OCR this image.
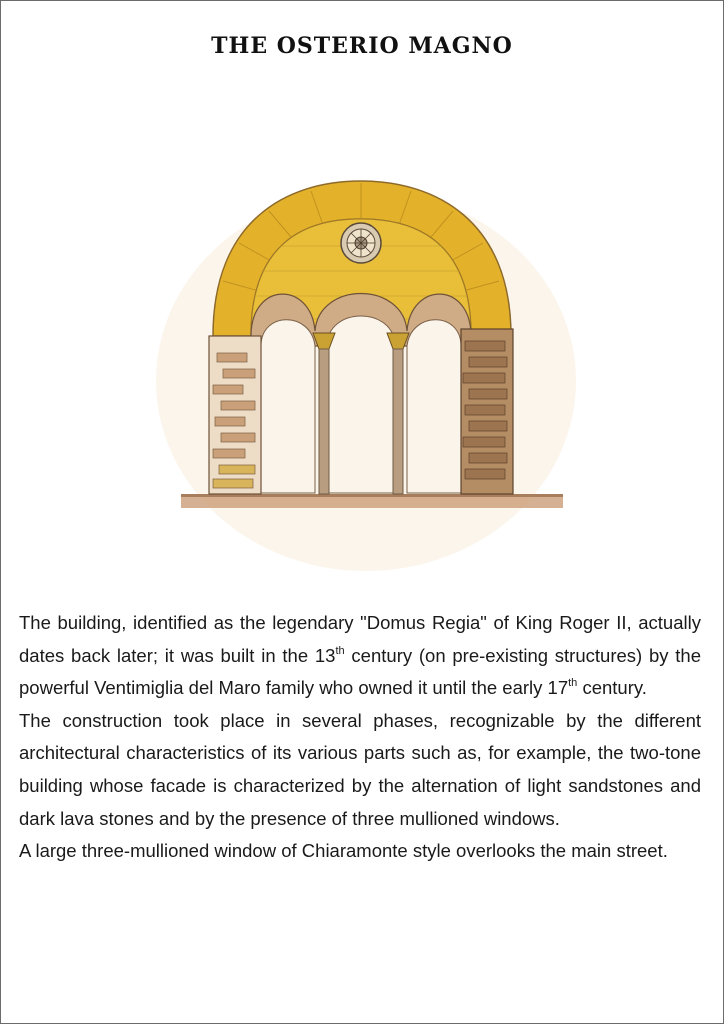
THE OSTERIO MAGNO

The building, identified as the legendary "Domus Regia" of King Roger II, actually dates back later; it was built in the 13th century (on pre-existing structures) by the powerful Ventimiglia del Maro family who owned it until the early 17th century.

The construction took place in several phases, recognizable by the different architectural characteristics of its various parts such as, for example, the two-tone building whose facade is characterized by the alternation of light sandstones and dark lava stones and by the presence of three mullioned windows.

A large three-mullioned window of Chiaramonte style overlooks the main street.
